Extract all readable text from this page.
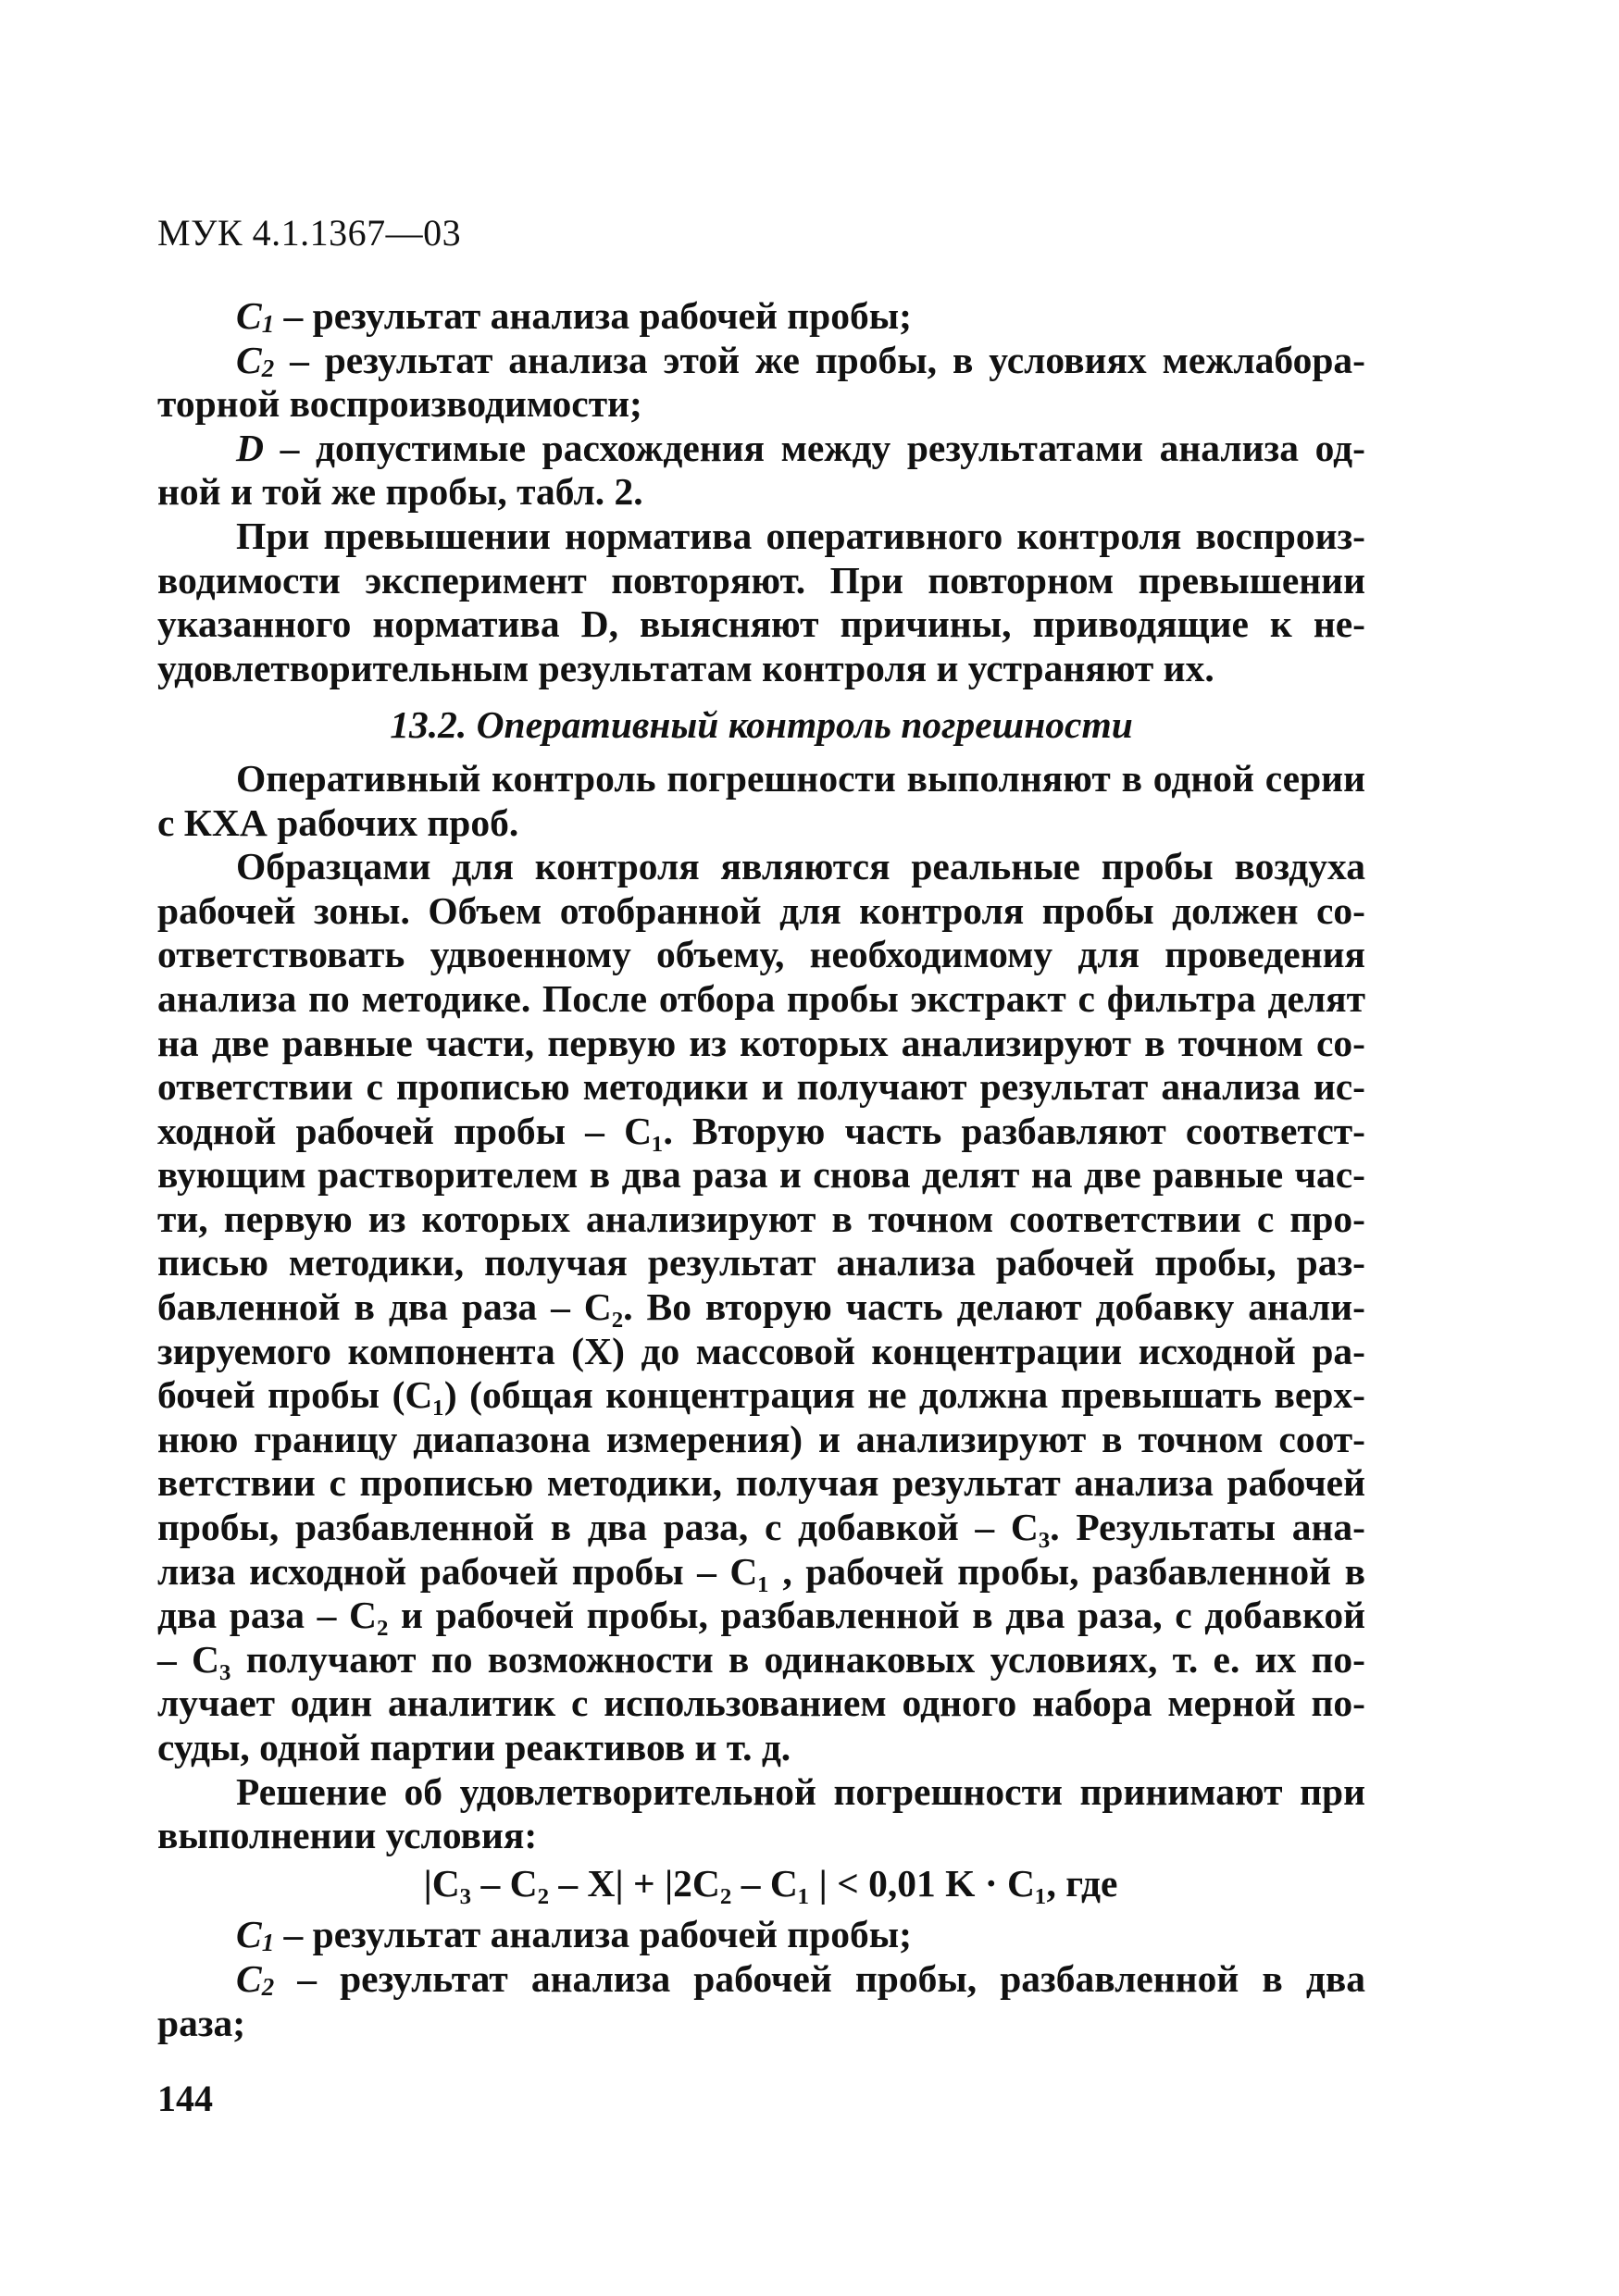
МУК 4.1.1367—03
$C_1$ – результат анализа рабочей пробы;
$C_2$ – результат анализа этой же пробы, в условиях межлабора-
торной воспроизводимости;
D – допустимые расхождения между результатами анализа од-
ной и той же пробы, табл. 2.
При превышении норматива оперативного контроля воспроиз-
водимости эксперимент повторяют. При повторном превышении
указанного норматива D, выясняют причины, приводящие к не-
удовлетворительным результатам контроля и устраняют их.
13.2. Оперативный контроль погрешности
Оперативный контроль погрешности выполняют в одной серии
с КХА рабочих проб.
Образцами для контроля являются реальные пробы воздуха
рабочей зоны. Объем отобранной для контроля пробы должен со-
ответствовать удвоенному объему, необходимому для проведения
анализа по методике. После отбора пробы экстракт с фильтра делят
на две равные части, первую из которых анализируют в точном со-
ответствии с прописью методики и получают результат анализа ис-
ходной рабочей пробы – C₁. Вторую часть разбавляют соответст-
вующим растворителем в два раза и снова делят на две равные час-
ти, первую из которых анализируют в точном соответствии с про-
писью методики, получая результат анализа рабочей пробы, раз-
бавленной в два раза – C₂. Во вторую часть делают добавку анали-
зируемого компонента (X) до массовой концентрации исходной ра-
бочей пробы (C₁) (общая концентрация не должна превышать верх-
нюю границу диапазона измерения) и анализируют в точном соот-
ветствии с прописью методики, получая результат анализа рабочей
пробы, разбавленной в два раза, с добавкой – C₃. Результаты ана-
лиза исходной рабочей пробы – C₁ , рабочей пробы, разбавленной в
два раза – C₂ и рабочей пробы, разбавленной в два раза, с добавкой
– C₃ получают по возможности в одинаковых условиях, т. е. их по-
лучает один аналитик с использованием одного набора мерной по-
суды, одной партии реактивов и т. д.
Решение об удовлетворительной погрешности принимают при
выполнении условия:
|C₃ – C₂ – X| + |2C₂ – C₁ | < 0,01 K · C₁, где
$C_1$ – результат анализа рабочей пробы;
$C_2$ – результат анализа рабочей пробы, разбавленной в два
раза;
144
